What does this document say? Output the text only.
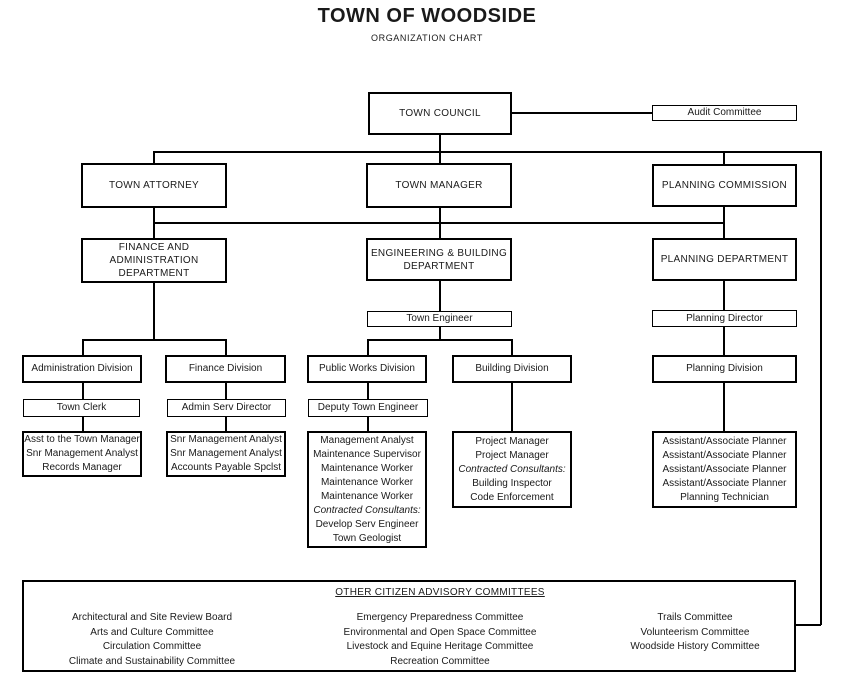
TOWN OF WOODSIDE
ORGANIZATION CHART
TOWN COUNCIL	Audit Committee
TOWN ATTORNEY	TOWN MANAGER	PLANNING COMMISSION
FINANCE AND
ADMINISTRATION
DEPARTMENT
ENGINEERING & BUILDING
DEPARTMENT
PLANNING DEPARTMENT
Town Engineer	Planning Director
Administration Division	Finance Division	Public Works Division	Building Division	Planning Division
Town Clerk	Admin Serv Director	Deputy Town Engineer
Asst to the Town Manager
Snr Management Analyst
Records Manager
Snr Management Analyst
Snr Management Analyst
Accounts Payable Spclst
Management Analyst
Maintenance Supervisor
Maintenance Worker
Maintenance Worker
Maintenance Worker
Contracted Consultants:
Develop Serv Engineer
Town Geologist
Project Manager
Project Manager
Contracted Consultants:
Building Inspector
Code Enforcement
Assistant/Associate Planner
Assistant/Associate Planner
Assistant/Associate Planner
Assistant/Associate Planner
Planning Technician
OTHER CITIZEN ADVISORY COMMITTEES
Architectural and Site Review Board
Arts and Culture Committee
Circulation Committee
Climate and Sustainability Committee
Emergency Preparedness Committee
Environmental and Open Space Committee
Livestock and Equine Heritage Committee
Recreation Committee
Trails Committee
Volunteerism Committee
Woodside History Committee
